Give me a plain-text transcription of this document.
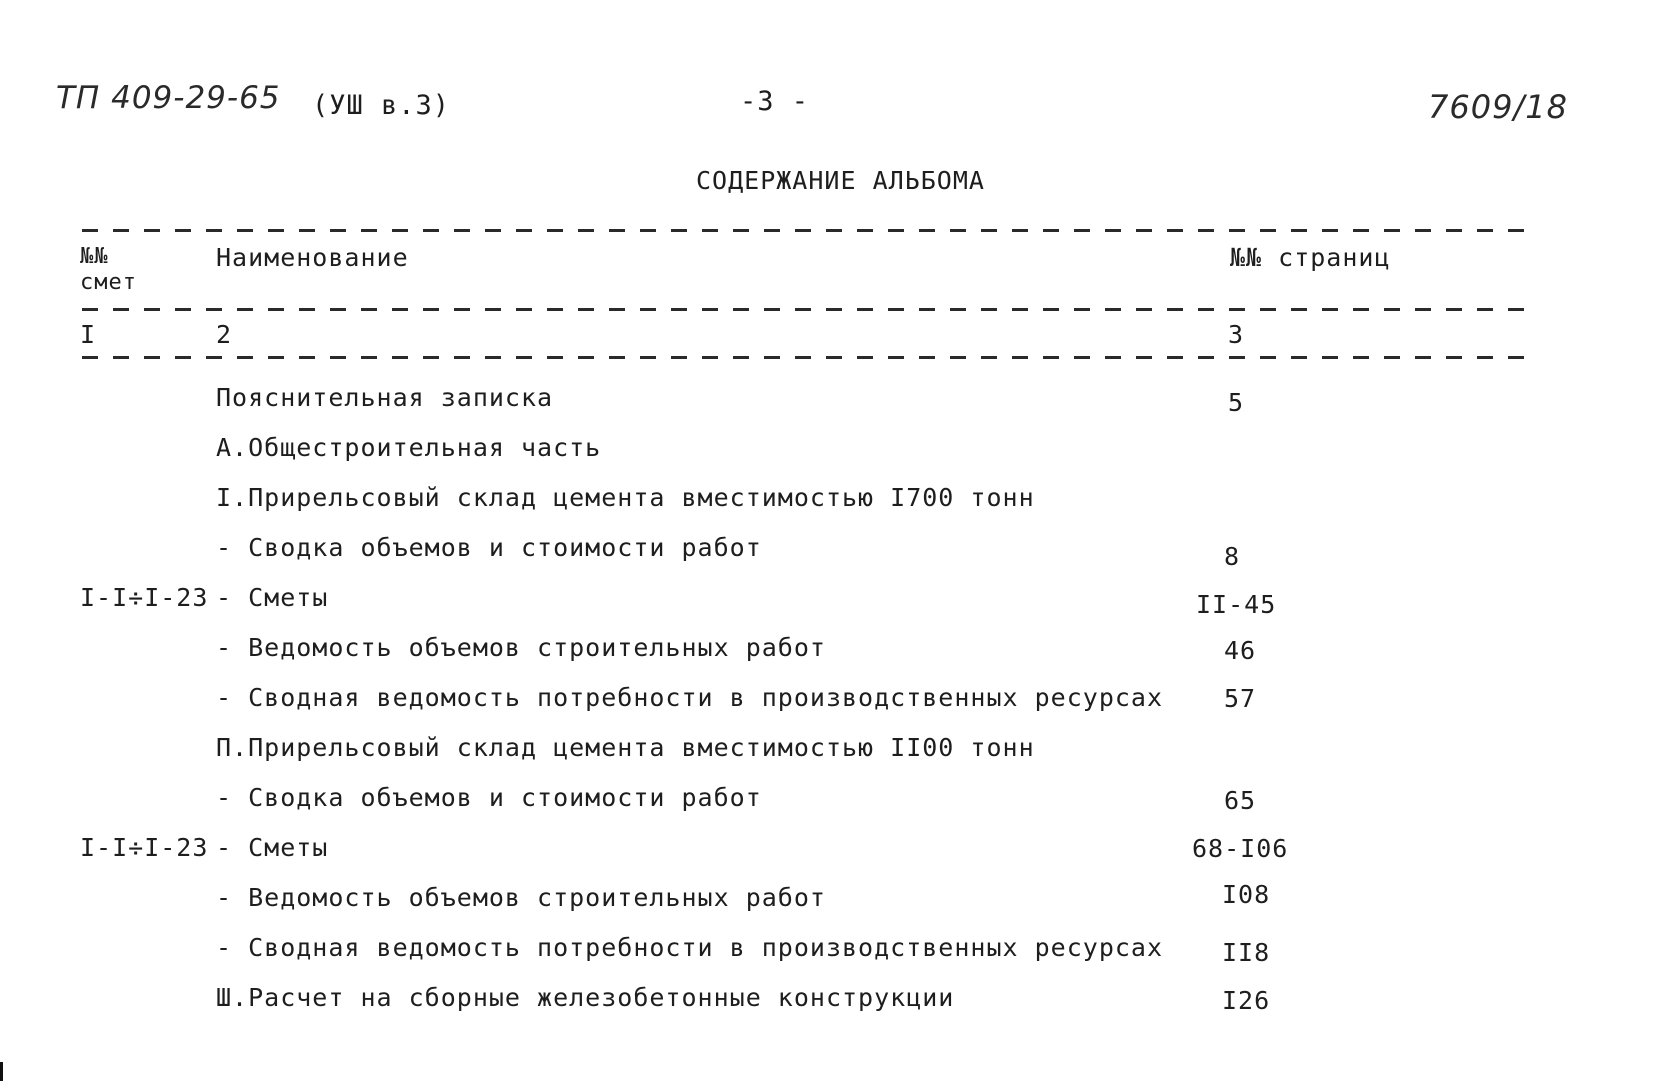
ТП 409-29-65 (УШ в.3)	-3 -	7609/18
СОДЕРЖАНИЕ АЛЬБОМА
№№
смет
Наименование	№№ страниц
I	2	3
Пояснительная записка	5
А.Общестроительная часть
I.Прирельсовый склад цемента вместимостью I700 тонн
- Сводка объемов и стоимости работ	8
I-I÷I-23 - Сметы	II-45
- Ведомость объемов строительных работ	46
- Сводная ведомость потребности в производственных ресурсах 57
П.Прирельсовый склад цемента вместимостью II00 тонн
- Сводка объемов и стоимости работ	65
I-I÷I-23 - Сметы	68-I06
- Ведомость объемов строительных работ	I08
- Сводная ведомость потребности в производственных ресурсах II8
Ш.Расчет на сборные железобетонные конструкции	I26
